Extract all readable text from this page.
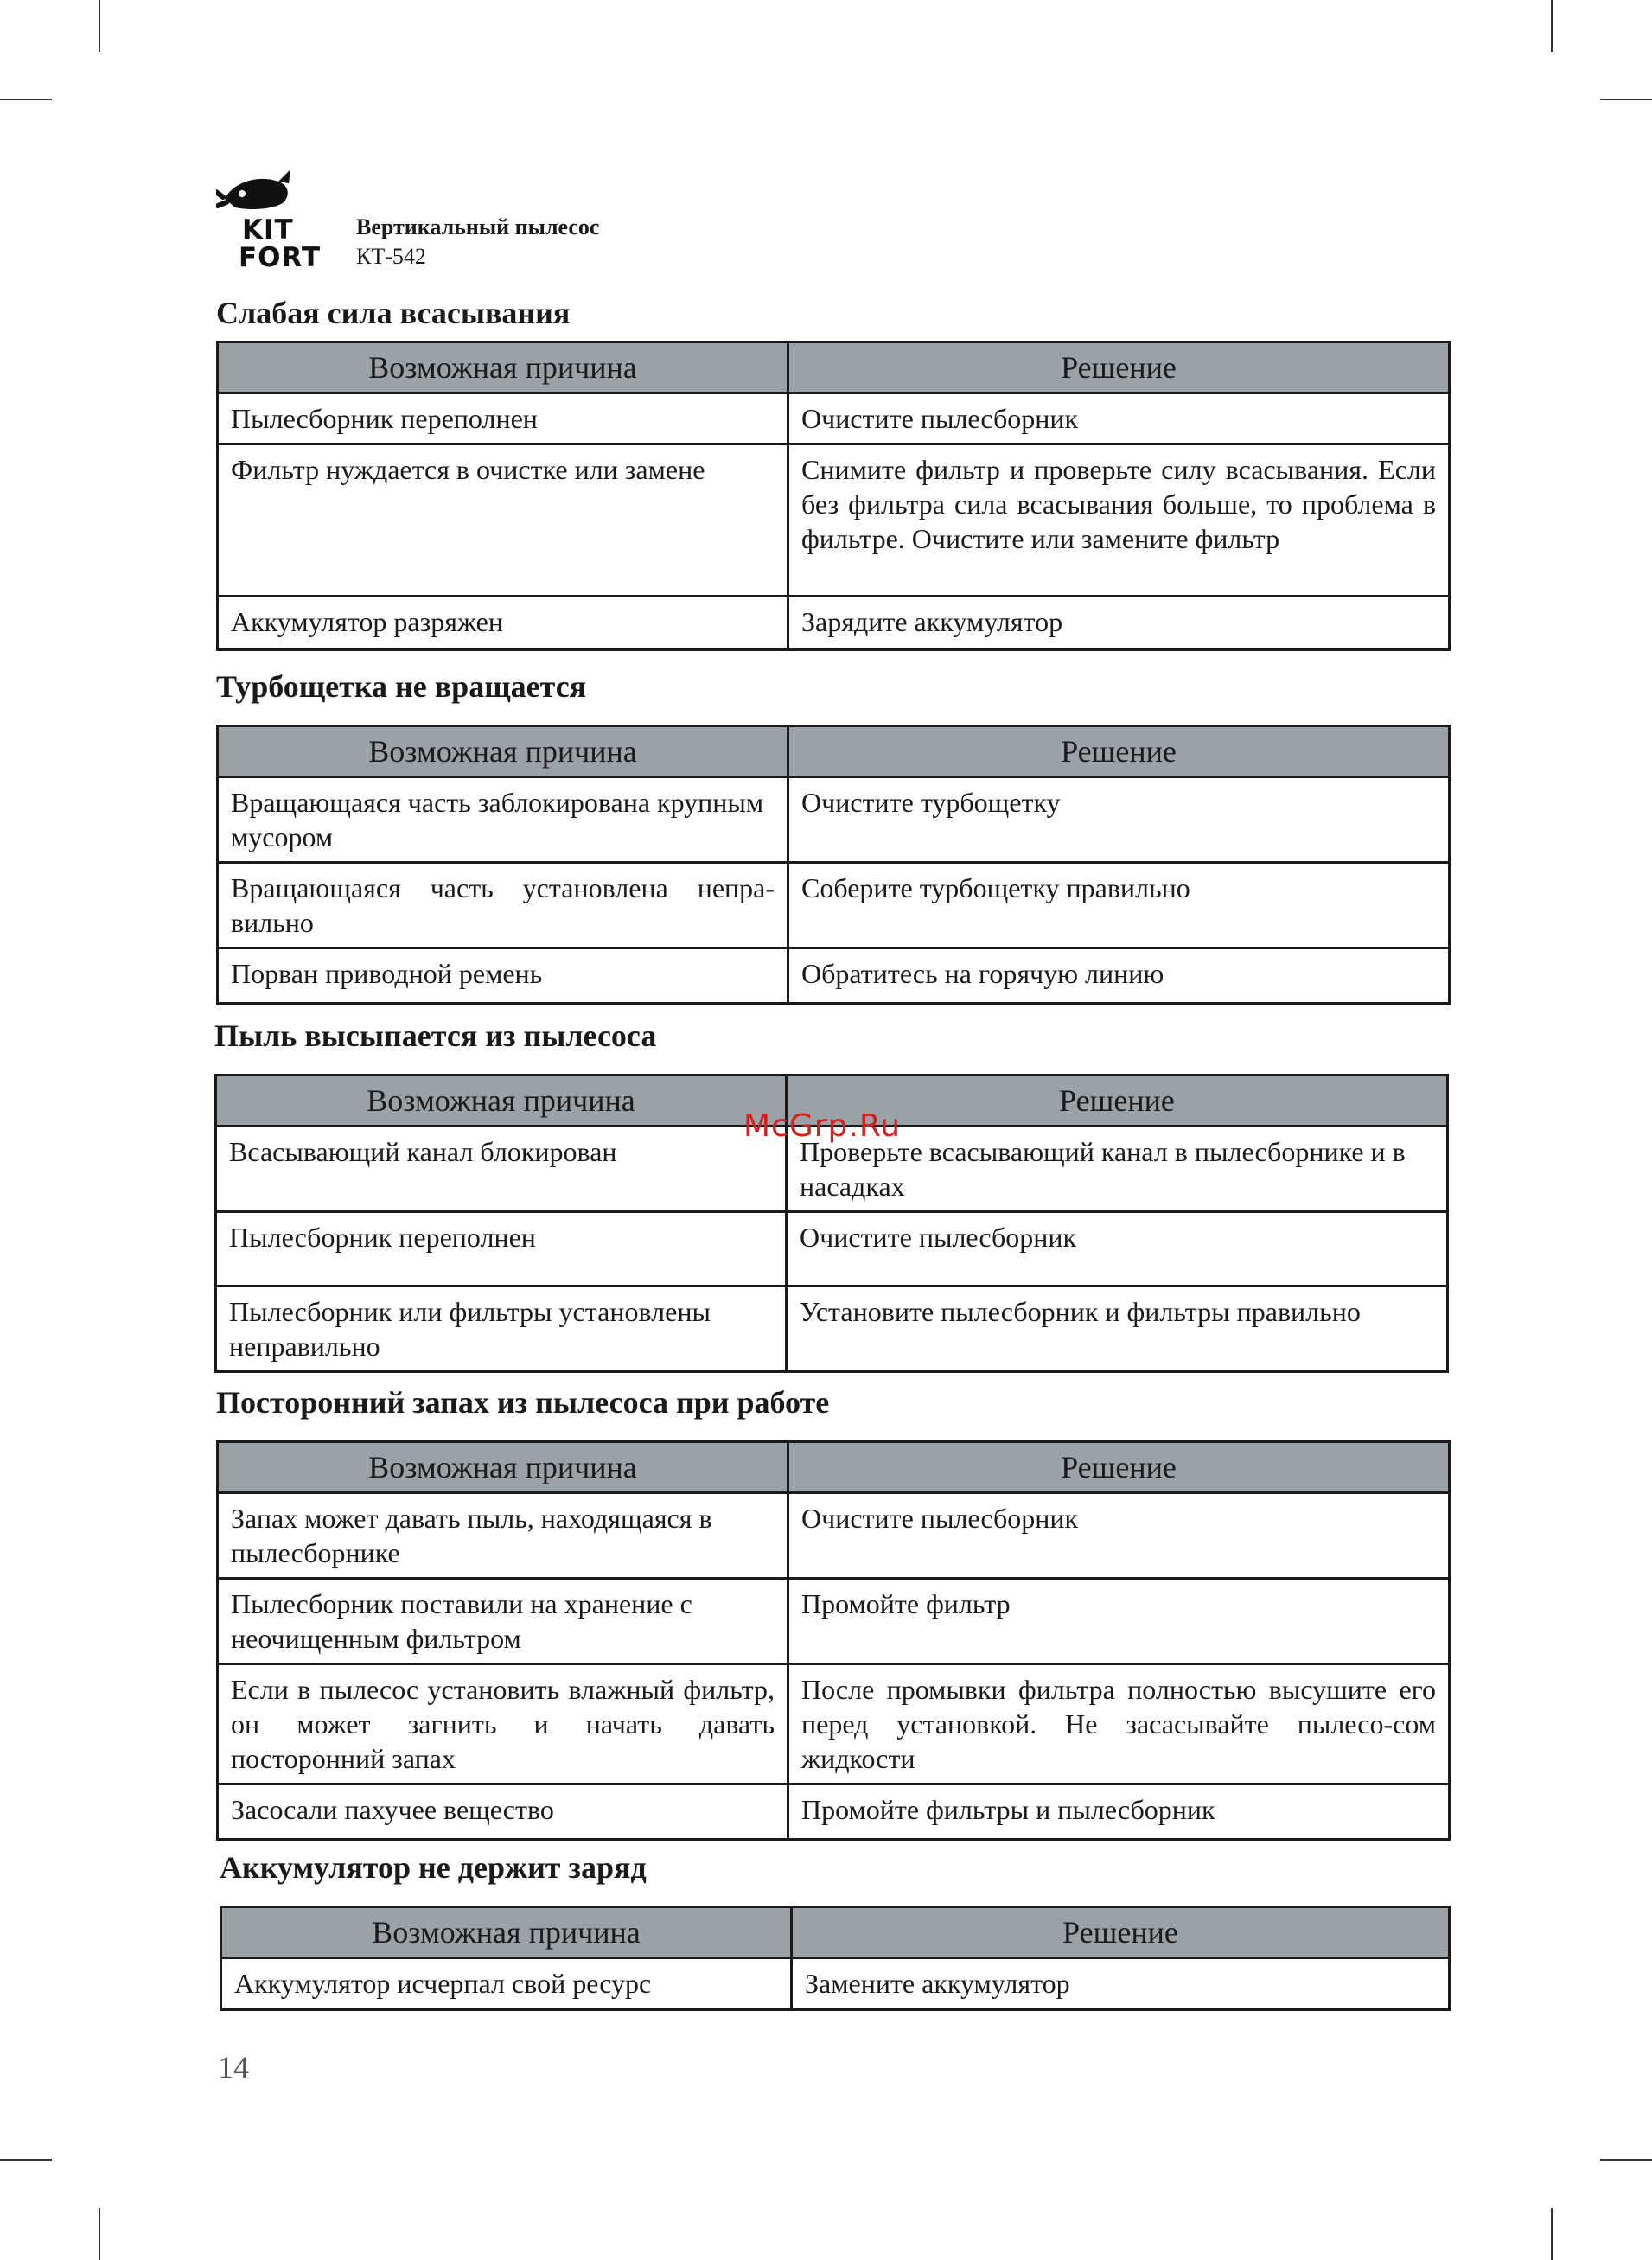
KIT
FORT
Вертикальный пылесос
КТ-542
Слабая сила всасывания
Возможная причина	Решение
Пылесборник переполнен	Очистите пылесборник
Фильтр нуждается в очистке или замене	Снимите фильтр и проверьте силу всасывания. Если без фильтра сила всасывания больше, то проблема в фильтре. Очистите или замените фильтр
Аккумулятор разряжен	Зарядите аккумулятор
Турбощетка не вращается
Возможная причина	Решение
Вращающаяся часть заблокирована крупным мусором	Очистите турбощетку
Вращающаяся часть установлена непра-вильно	Соберите турбощетку правильно
Порван приводной ремень	Обратитесь на горячую линию
Пыль высыпается из пылесоса
Возможная причина	Решение
Всасывающий канал блокирован	Проверьте всасывающий канал в пылесборнике и в насадках
Пылесборник переполнен	Очистите пылесборник
Пылесборник или фильтры установлены неправильно	Установите пылесборник и фильтры правильно
McGrp.Ru
Посторонний запах из пылесоса при работе
Возможная причина	Решение
Запах может давать пыль, находящаяся в пылесборнике	Очистите пылесборник
Пылесборник поставили на хранение с неочищенным фильтром	Промойте фильтр
Если в пылесос установить влажный фильтр, он может загнить и начать давать посторонний запах	После промывки фильтра полностью высушите его перед установкой. Не засасывайте пылесо-сом жидкости
Засосали пахучее вещество	Промойте фильтры и пылесборник
Аккумулятор не держит заряд
Возможная причина	Решение
Аккумулятор исчерпал свой ресурс	Замените аккумулятор
14
